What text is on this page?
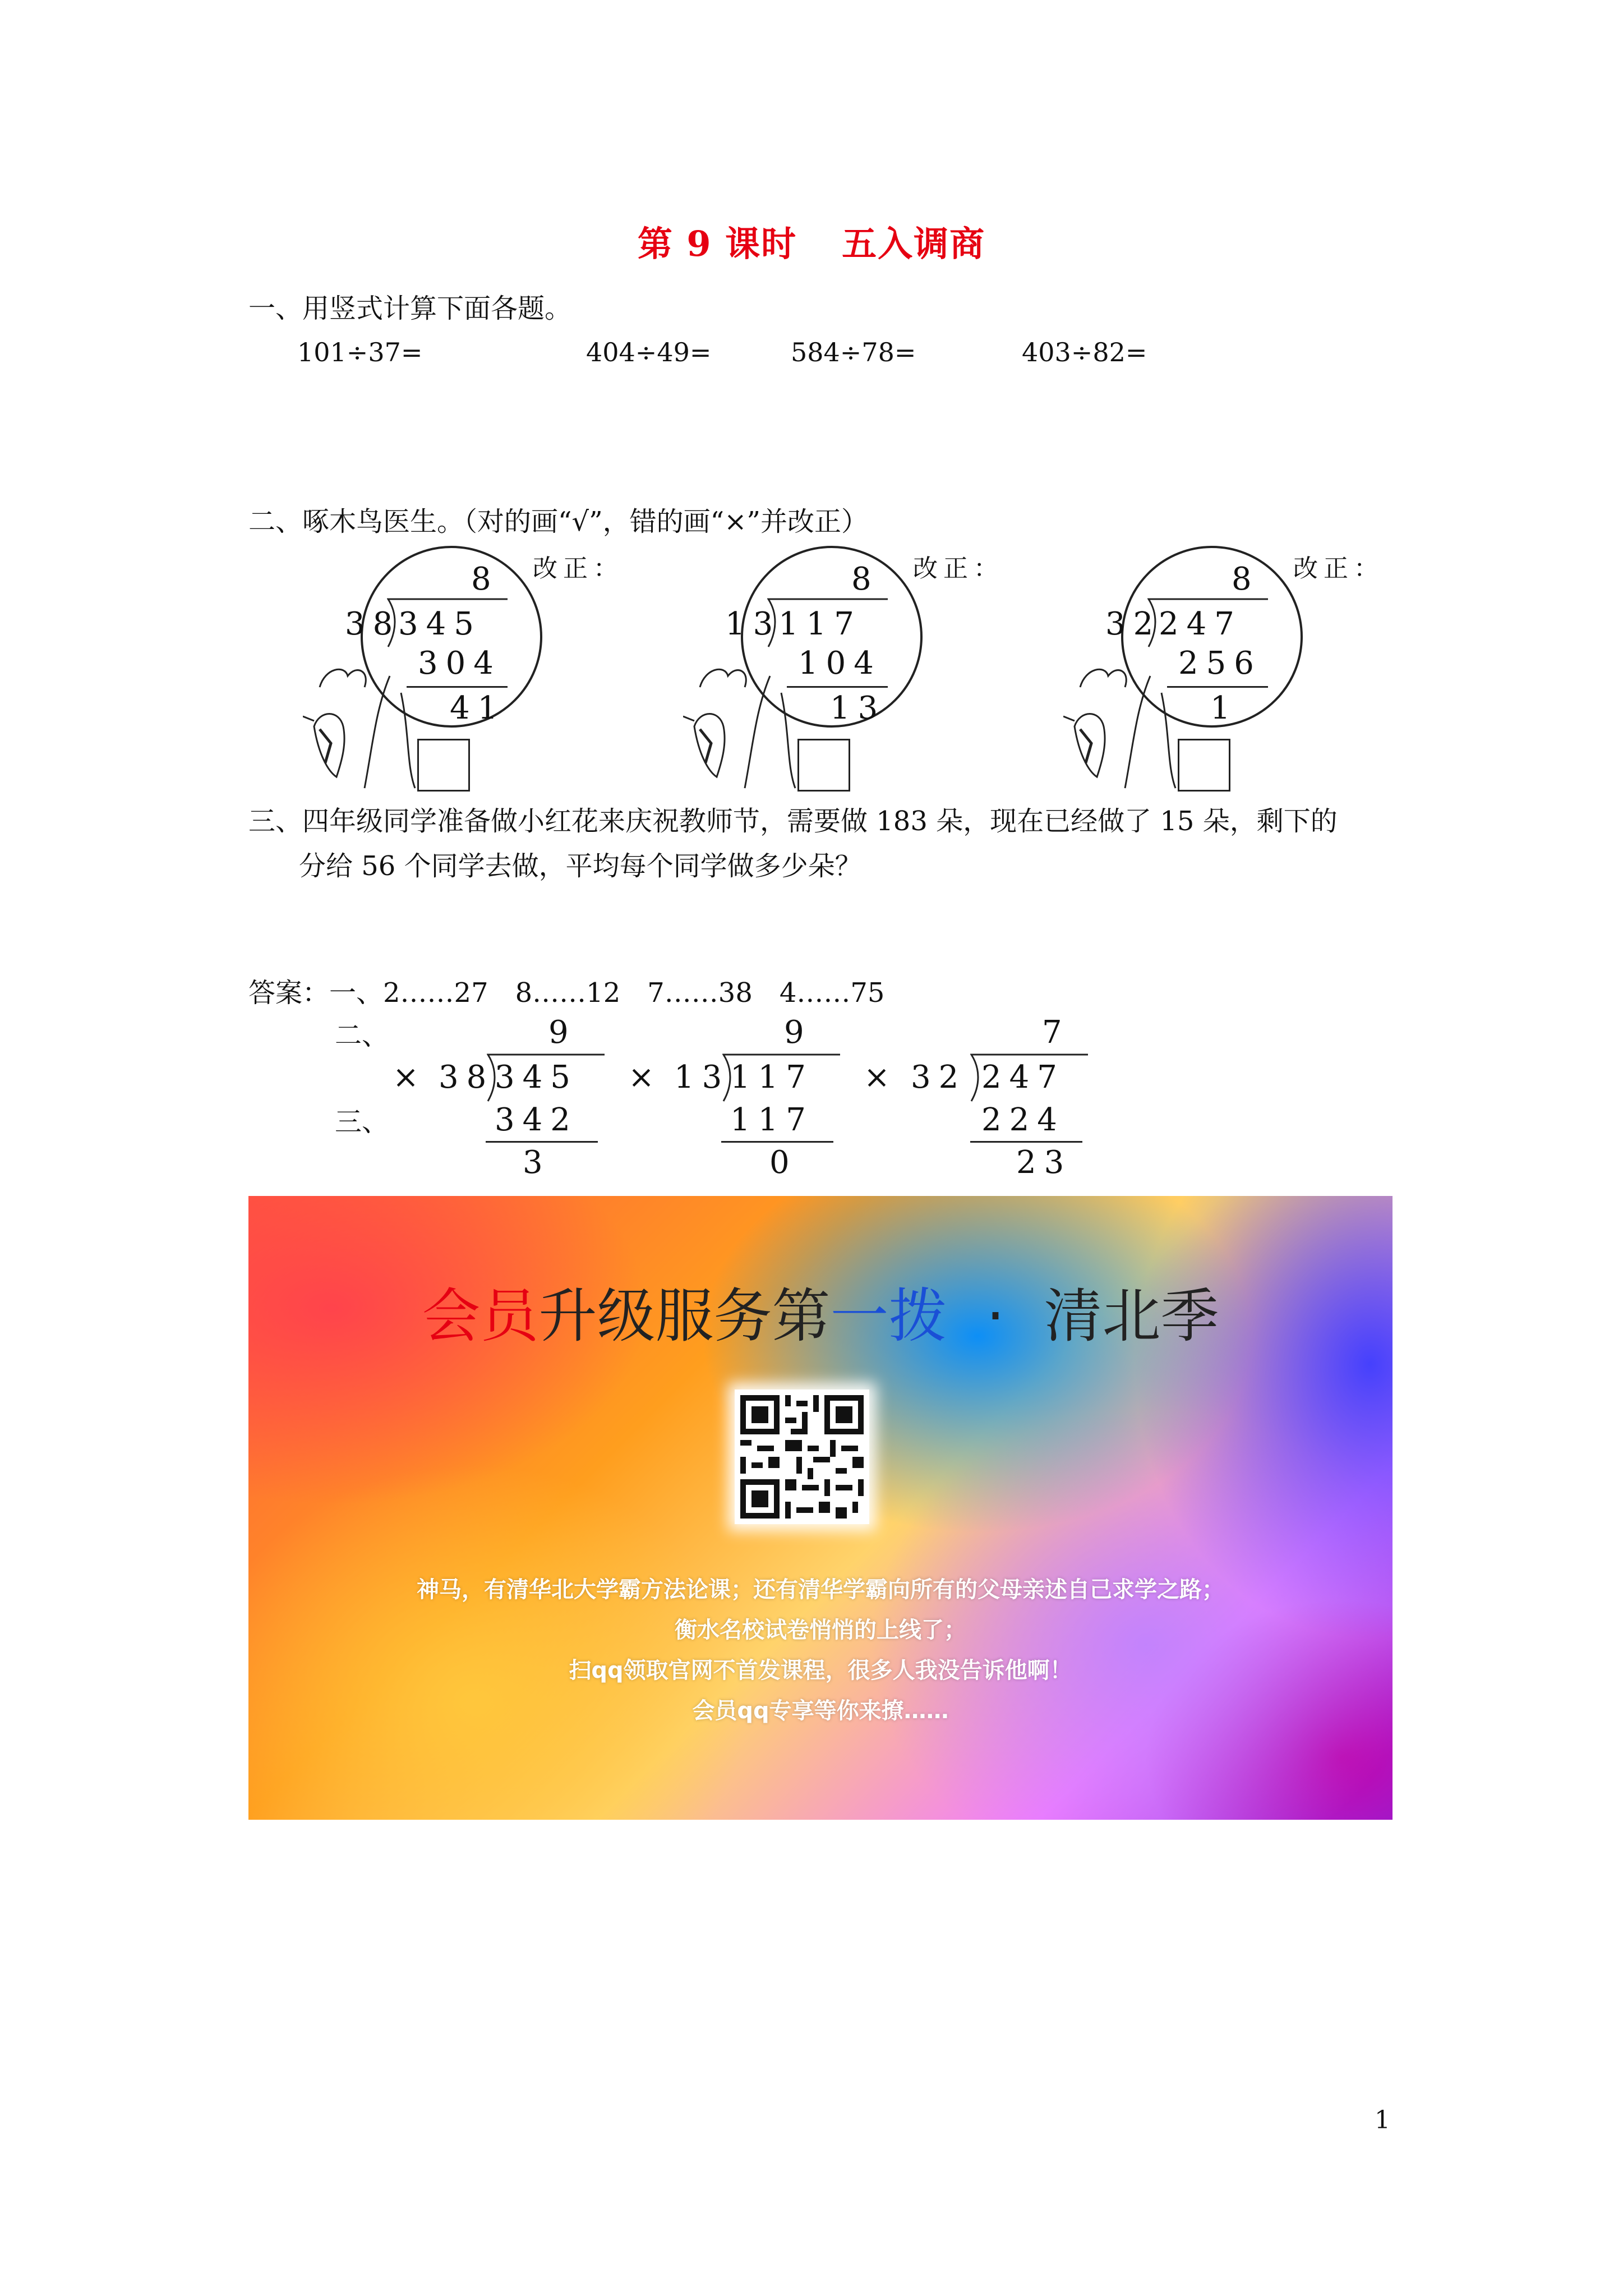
第 9 课时 五入调商
一、用竖式计算下面各题。
101÷37=	404÷49=	584÷78=	403÷82=
二、啄木鸟医生。（对的画“√”，错的画“×”并改正）
8
38
345
304
41
改正：	8
13
117
104
13
改正：	8
32
247
256
1
改正：
三、四年级同学准备做小红花来庆祝教师节，需要做 183 朵，现在已经做了 15 朵，剩下的
分给 56 个同学去做，平均每个同学做多少朵？
答案：一、2……27　8……12　7……38　4……75
二、
三、
×
9
38 345
342
3
×
9
13 117
117
0
×
7
32 247
224
23
会员升级服务第一拨 · 清北季
神马，有清华北大学霸方法论课；还有清华学霸向所有的父母亲述自己求学之路；
衡水名校试卷悄悄的上线了；
扫qq领取官网不首发课程，很多人我没告诉他啊！
会员qq专享等你来撩……
1
